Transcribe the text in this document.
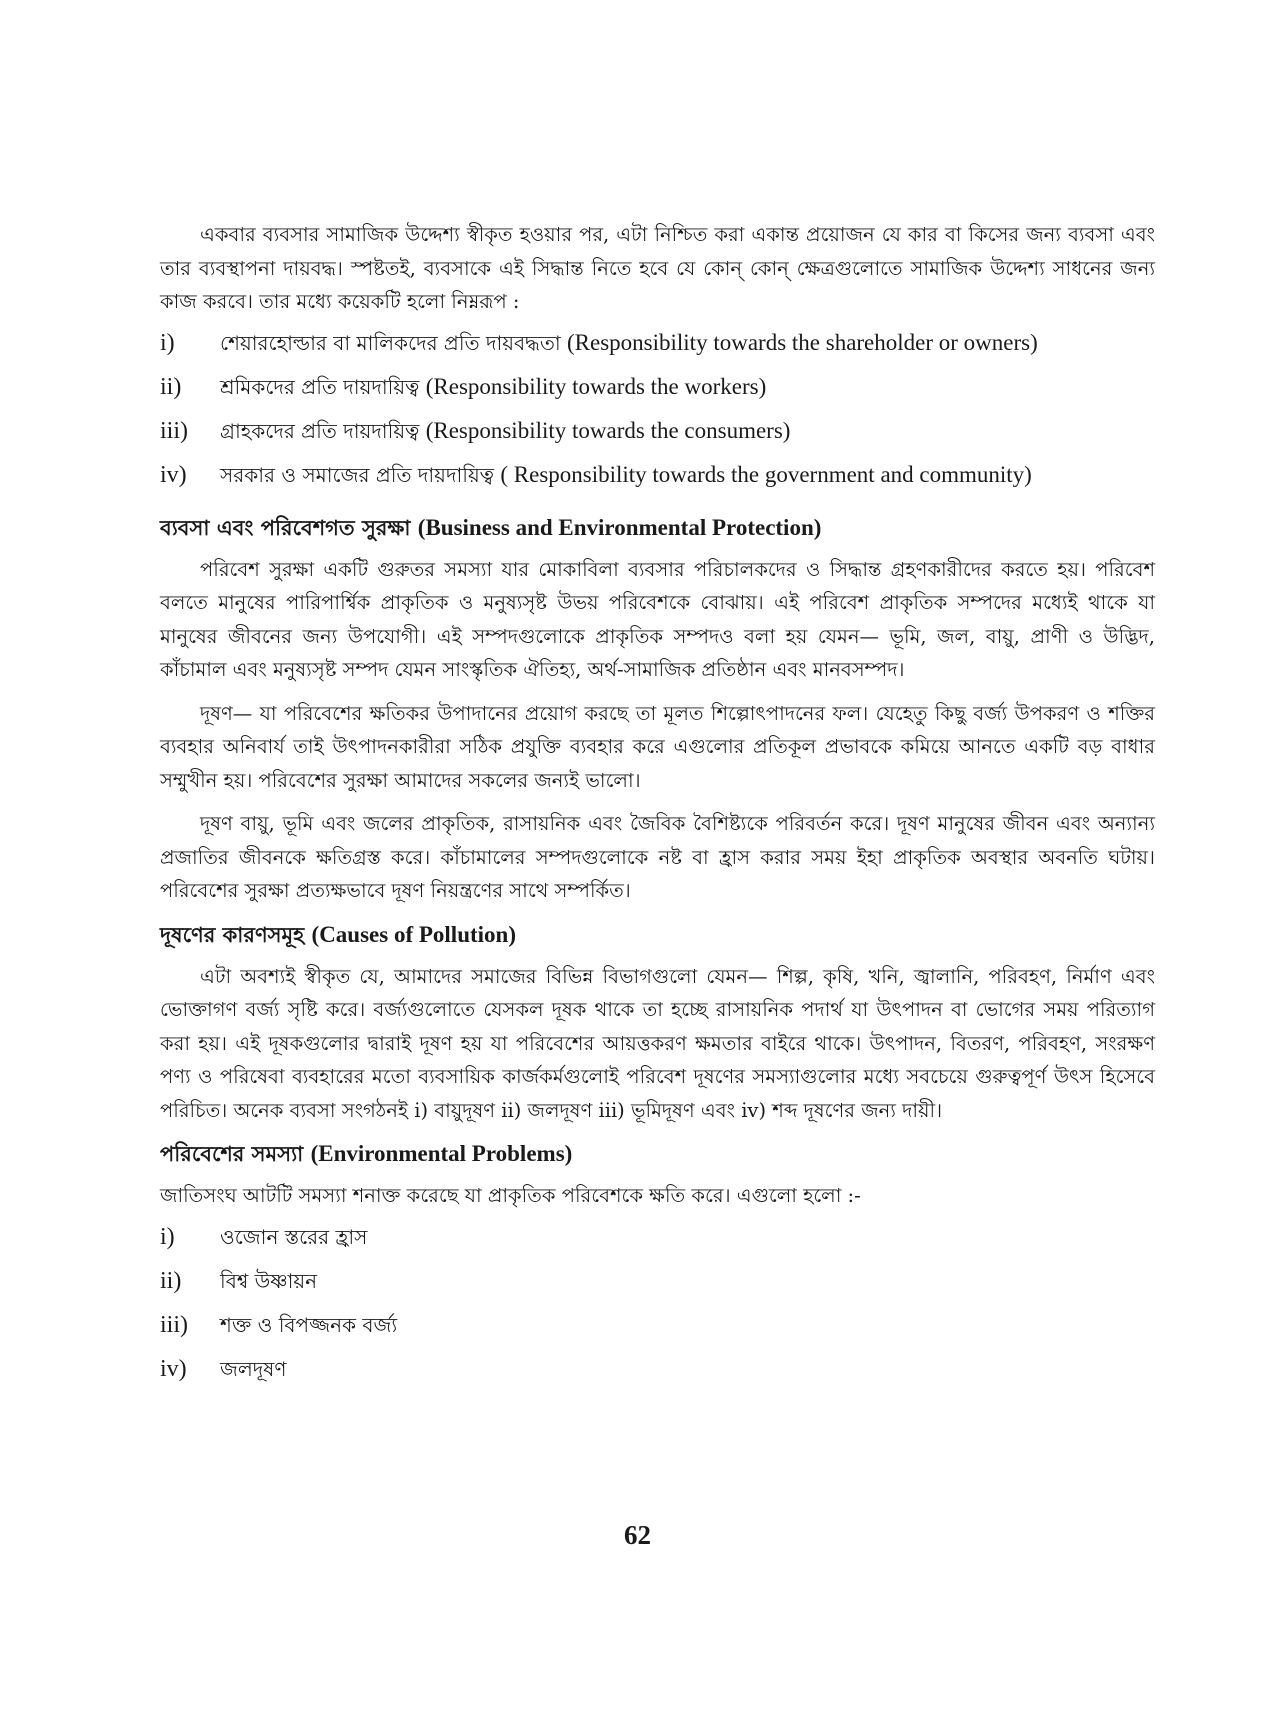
একবার ব্যবসার সামাজিক উদ্দেশ্য স্বীকৃত হওয়ার পর, এটা নিশ্চিত করা একান্ত প্রয়োজন যে কার বা কিসের জন্য ব্যবসা এবং তার ব্যবস্থাপনা দায়বদ্ধ। স্পষ্টতই, ব্যবসাকে এই সিদ্ধান্ত নিতে হবে যে কোন্ কোন্ ক্ষেত্রগুলোতে সামাজিক উদ্দেশ্য সাধনের জন্য কাজ করবে। তার মধ্যে কয়েকটি হলো নিম্নরূপ :

i)	শেয়ারহোল্ডার বা মালিকদের প্রতি দায়বদ্ধতা (Responsibility towards the shareholder or owners)
ii)	শ্রমিকদের প্রতি দায়দায়িত্ব (Responsibility towards the workers)
iii)	গ্রাহকদের প্রতি দায়দায়িত্ব (Responsibility towards the consumers)
iv)	সরকার ও সমাজের প্রতি দায়দায়িত্ব ( Responsibility towards the government and community)
ব্যবসা এবং পরিবেশগত সুরক্ষা (Business and Environmental Protection)

পরিবেশ সুরক্ষা একটি গুরুতর সমস্যা যার মোকাবিলা ব্যবসার পরিচালকদের ও সিদ্ধান্ত গ্রহণকারীদের করতে হয়। পরিবেশ বলতে মানুষের পারিপার্শ্বিক প্রাকৃতিক ও মনুষ্যসৃষ্ট উভয় পরিবেশকে বোঝায়। এই পরিবেশ প্রাকৃতিক সম্পদের মধ্যেই থাকে যা মানুষের জীবনের জন্য উপযোগী। এই সম্পদগুলোকে প্রাকৃতিক সম্পদও বলা হয় যেমন— ভূমি, জল, বায়ু, প্রাণী ও উদ্ভিদ, কাঁচামাল এবং মনুষ্যসৃষ্ট সম্পদ যেমন সাংস্কৃতিক ঐতিহ্য, অর্থ-সামাজিক প্রতিষ্ঠান এবং মানবসম্পদ।

দূষণ— যা পরিবেশের ক্ষতিকর উপাদানের প্রয়োগ করছে তা মূলত শিল্পোৎপাদনের ফল। যেহেতু কিছু বর্জ্য উপকরণ ও শক্তির ব্যবহার অনিবার্য তাই উৎপাদনকারীরা সঠিক প্রযুক্তি ব্যবহার করে এগুলোর প্রতিকূল প্রভাবকে কমিয়ে আনতে একটি বড় বাধার সম্মুখীন হয়। পরিবেশের সুরক্ষা আমাদের সকলের জন্যই ভালো।

দূষণ বায়ু, ভূমি এবং জলের প্রাকৃতিক, রাসায়নিক এবং জৈবিক বৈশিষ্ট্যকে পরিবর্তন করে। দূষণ মানুষের জীবন এবং অন্যান্য প্রজাতির জীবনকে ক্ষতিগ্রস্ত করে। কাঁচামালের সম্পদগুলোকে নষ্ট বা হ্রাস করার সময় ইহা প্রাকৃতিক অবস্থার অবনতি ঘটায়। পরিবেশের সুরক্ষা প্রত্যক্ষভাবে দূষণ নিয়ন্ত্রণের সাথে সম্পর্কিত।

দূষণের কারণসমূহ (Causes of Pollution)

এটা অবশ্যই স্বীকৃত যে, আমাদের সমাজের বিভিন্ন বিভাগগুলো যেমন— শিল্প, কৃষি, খনি, জ্বালানি, পরিবহণ, নির্মাণ এবং ভোক্তাগণ বর্জ্য সৃষ্টি করে। বর্জ্যগুলোতে যেসকল দূষক থাকে তা হচ্ছে রাসায়নিক পদার্থ যা উৎপাদন বা ভোগের সময় পরিত্যাগ করা হয়। এই দূষকগুলোর দ্বারাই দূষণ হয় যা পরিবেশের আয়ত্তকরণ ক্ষমতার বাইরে থাকে। উৎপাদন, বিতরণ, পরিবহণ, সংরক্ষণ পণ্য ও পরিষেবা ব্যবহারের মতো ব্যবসায়িক কার্জকর্মগুলোই পরিবেশ দূষণের সমস্যাগুলোর মধ্যে সবচেয়ে গুরুত্বপূর্ণ উৎস হিসেবে পরিচিত। অনেক ব্যবসা সংগঠনই i) বায়ুদূষণ ii) জলদূষণ iii) ভূমিদূষণ এবং iv) শব্দ দূষণের জন্য দায়ী।

পরিবেশের সমস্যা (Environmental Problems)

জাতিসংঘ আটটি সমস্যা শনাক্ত করেছে যা প্রাকৃতিক পরিবেশকে ক্ষতি করে। এগুলো হলো :-

i)	ওজোন স্তরের হ্রাস
ii)	বিশ্ব উষ্ণায়ন
iii)	শক্ত ও বিপজ্জনক বর্জ্য
iv)	জলদূষণ
62
